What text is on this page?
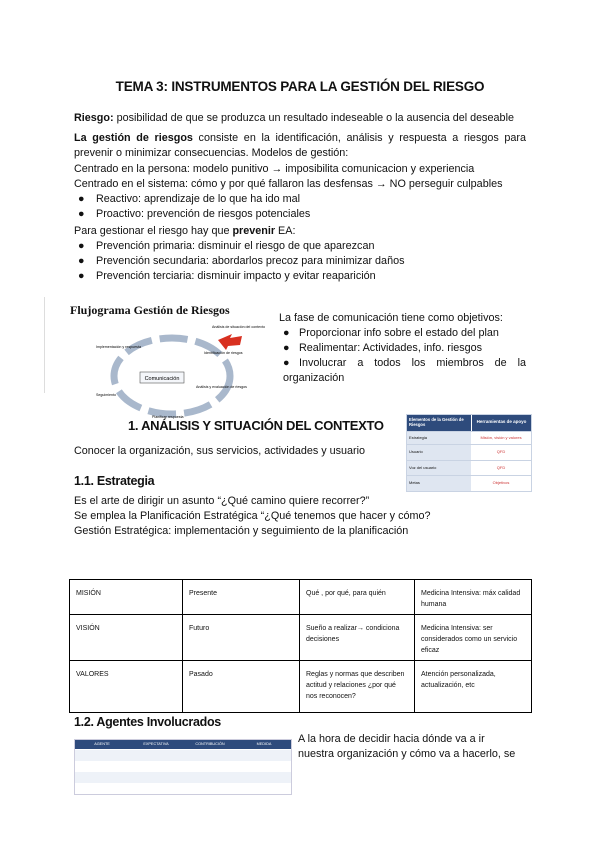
TEMA 3: INSTRUMENTOS PARA LA GESTIÓN DEL RIESGO
Riesgo: posibilidad de que se produzca un resultado indeseable o la ausencia del deseable
La gestión de riesgos consiste en la identificación, análisis y respuesta a riesgos para prevenir o minimizar consecuencias. Modelos de gestión:
Centrado en la persona: modelo punitivo → imposibilita comunicacion y experiencia
Centrado en el sistema: cómo y por qué fallaron las desfensas → NO perseguir culpables
● Reactivo: aprendizaje de lo que ha ido mal
● Proactivo: prevención de riesgos potenciales
Para gestionar el riesgo hay que prevenir EA:
● Prevención primaria: disminuir el riesgo de que aparezcan
● Prevención secundaria: abordarlos precoz para minimizar daños
● Prevención terciaria: disminuir impacto y evitar reaparición
Flujograma Gestión de Riesgos
Comunicación
Análisis de situación del contexto
Identificación de riesgos
Análisis y evaluación de riesgos
Planificar respuesta
Seguimiento
Implementación y respuesta
La fase de comunicación tiene como objetivos:
● Proporcionar info sobre el estado del plan
● Realimentar: Actividades, info. riesgos
● Involucrar a todos los miembros de la organización
1. ANÁLISIS Y SITUACIÓN DEL CONTEXTO
Conocer la organización, sus servicios, actividades y usuario
Elementos de la Gestión de Riesgos
Herramientas de apoyo
Estrategia	Misión, visión y valores
Usuario	QFD
Voz del usuario	QFD
Metas	Objetivos
1.1. Estrategia
Es el arte de dirigir un asunto “¿Qué camino quiere recorrer?”
Se emplea la Planificación Estratégica “¿Qué tenemos que hacer y cómo?
Gestión Estratégica: implementación y seguimiento de la planificación
MISIÓN	Presente	Qué , por qué, para quién	Medicina Intensiva: máx calidad humana
VISIÓN	Futuro	Sueño a realizar→ condiciona decisiones	Medicina Intensiva: ser considerados como un servicio eficaz
VALORES	Pasado	Reglas y normas que describen actitud y relaciones ¿por qué nos reconocen?	Atención personalizada, actualización, etc
1.2. Agentes Involucrados
A la hora de decidir hacia dónde va a ir
nuestra organización y cómo va a hacerlo, se
AGENTE	EXPECTATIVA	CONTRIBUCIÓN	MEDIDA
